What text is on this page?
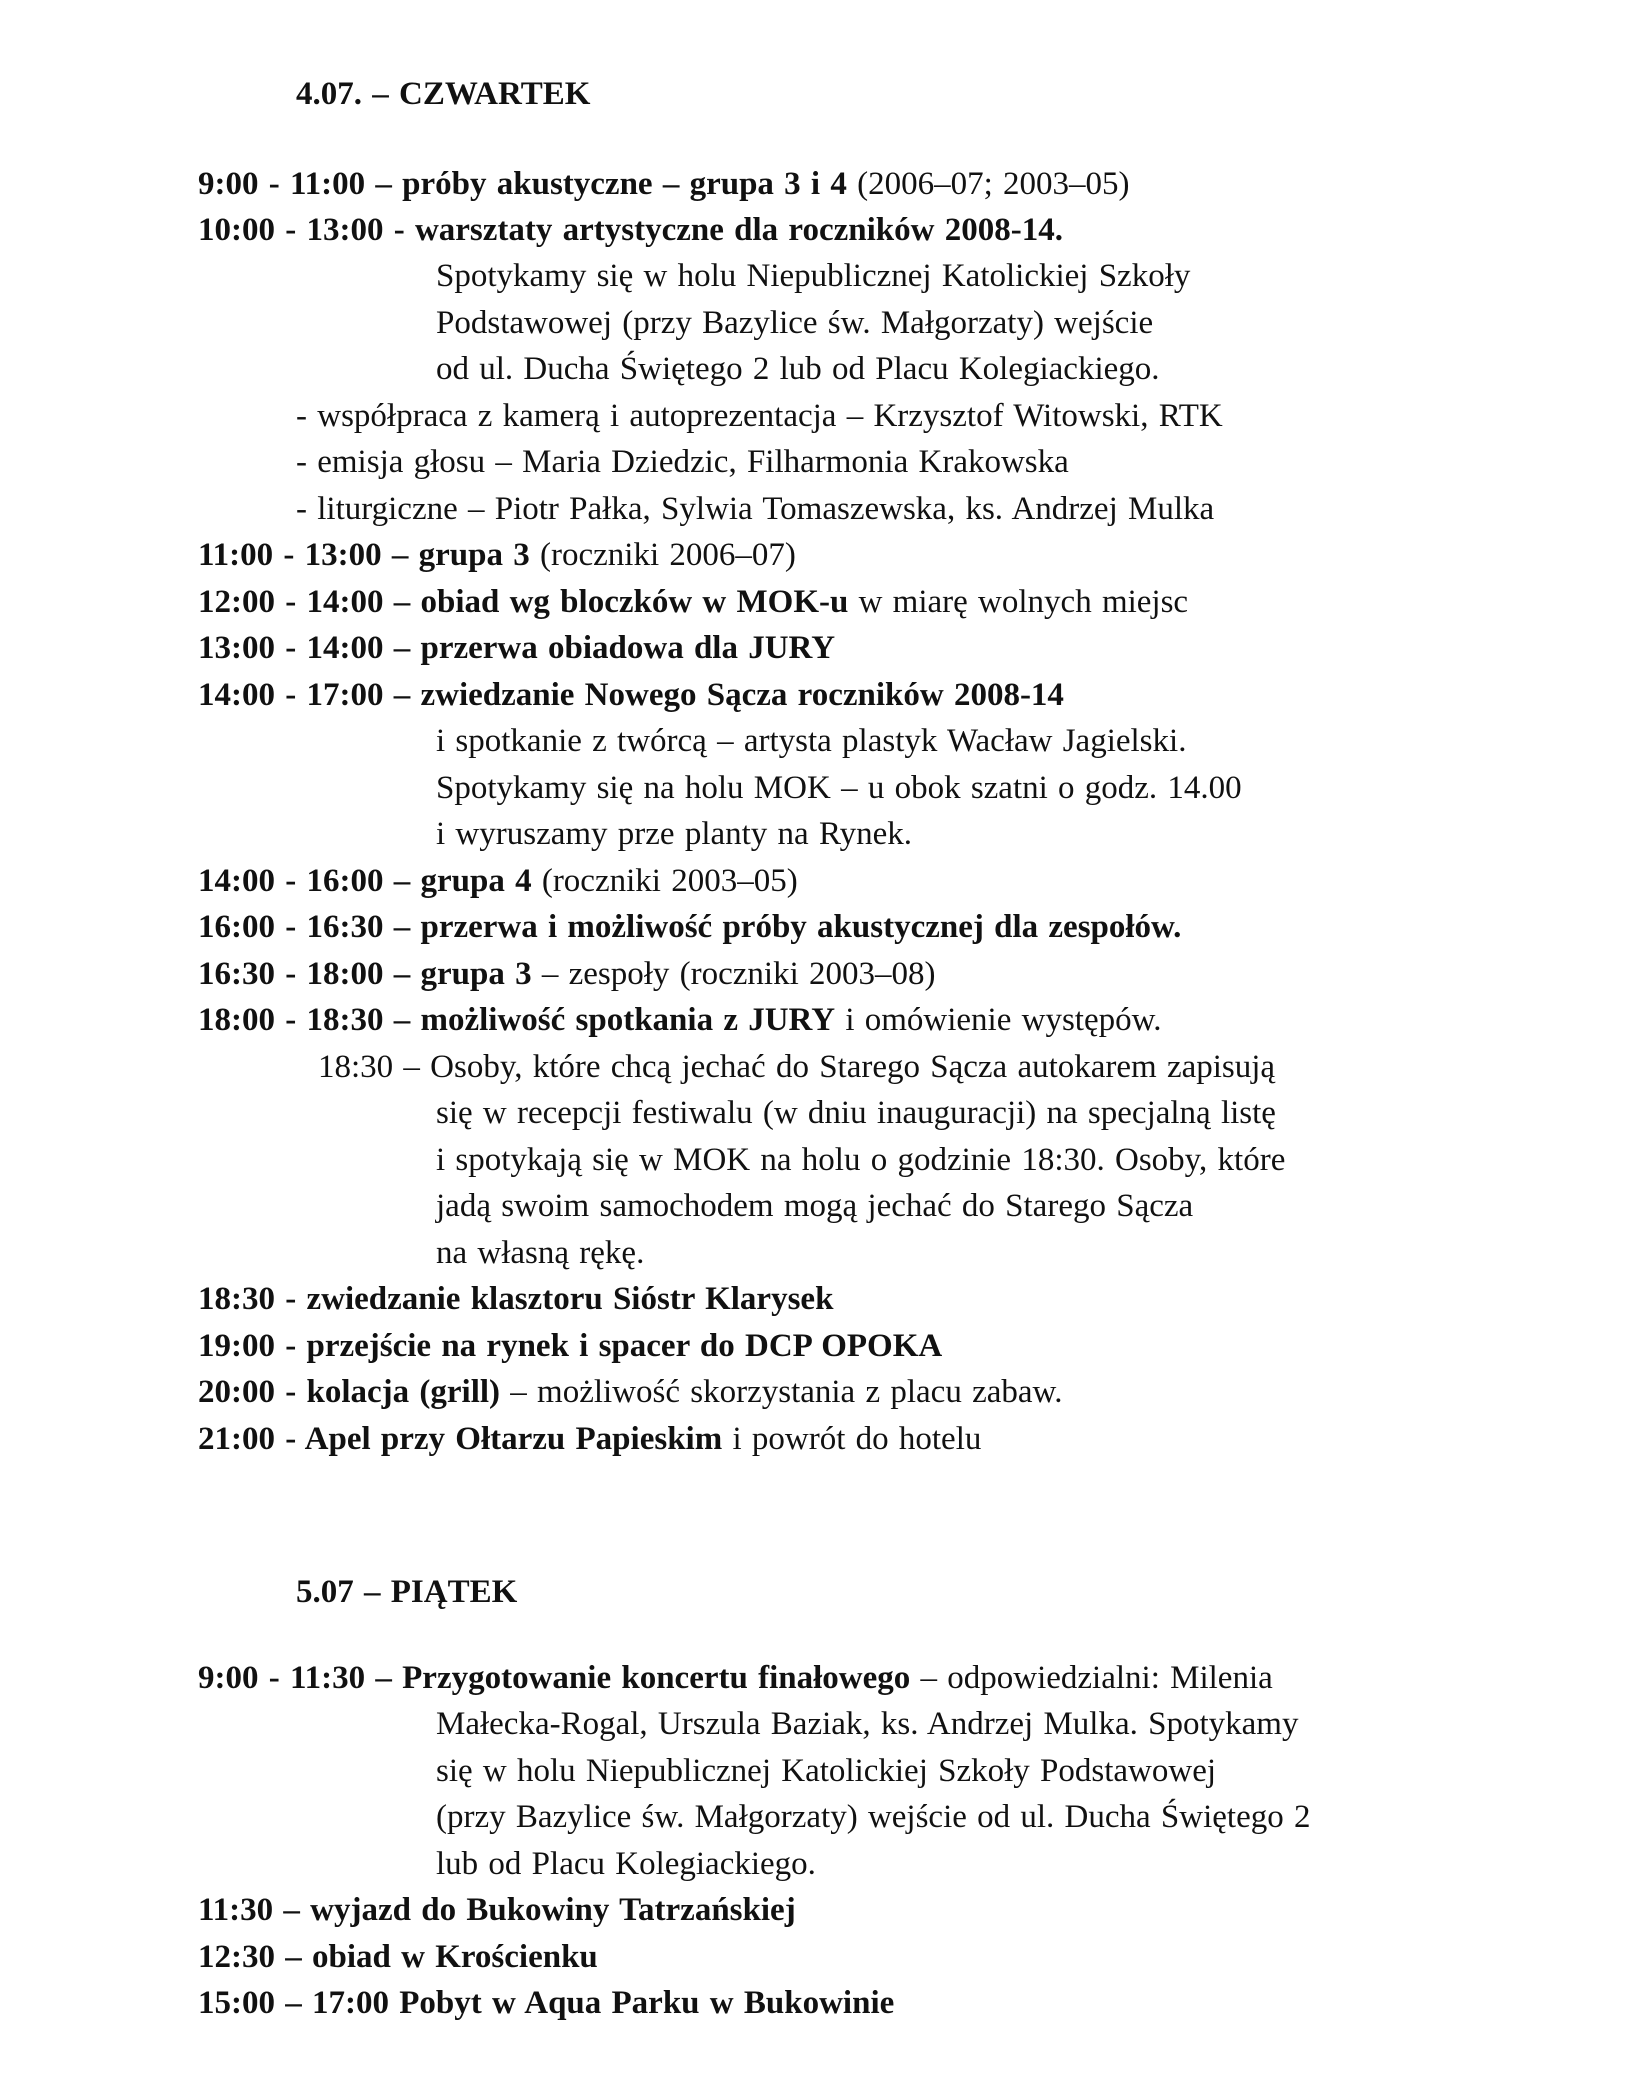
4.07. – CZWARTEK
9:00 - 11:00 – próby akustyczne – grupa 3 i 4 (2006–07; 2003–05)
10:00 - 13:00 - warsztaty artystyczne dla roczników 2008-14.
Spotykamy się w holu Niepublicznej Katolickiej Szkoły
Podstawowej (przy Bazylice św. Małgorzaty) wejście
od ul. Ducha Świętego 2 lub od Placu Kolegiackiego.
- współpraca z kamerą i autoprezentacja – Krzysztof Witowski, RTK
- emisja głosu – Maria Dziedzic, Filharmonia Krakowska
- liturgiczne – Piotr Pałka, Sylwia Tomaszewska, ks. Andrzej Mulka
11:00 - 13:00 – grupa 3 (roczniki 2006–07)
12:00 - 14:00 – obiad wg bloczków w MOK-u w miarę wolnych miejsc
13:00 - 14:00 – przerwa obiadowa dla JURY
14:00 - 17:00 – zwiedzanie Nowego Sącza roczników 2008-14
i spotkanie z twórcą – artysta plastyk Wacław Jagielski.
Spotykamy się na holu MOK – u obok szatni o godz. 14.00
i wyruszamy prze planty na Rynek.
14:00 - 16:00 – grupa 4 (roczniki 2003–05)
16:00 - 16:30 – przerwa i możliwość próby akustycznej dla zespołów.
16:30 - 18:00 – grupa 3 – zespoły (roczniki 2003–08)
18:00 - 18:30 – możliwość spotkania z JURY i omówienie występów.
18:30 – Osoby, które chcą jechać do Starego Sącza autokarem zapisują
się w recepcji festiwalu (w dniu inauguracji) na specjalną listę
i spotykają się w MOK na holu o godzinie 18:30. Osoby, które
jadą swoim samochodem mogą jechać do Starego Sącza
na własną rękę.
18:30 - zwiedzanie klasztoru Sióstr Klarysek
19:00 - przejście na rynek i spacer do DCP OPOKA
20:00 - kolacja (grill) – możliwość skorzystania z placu zabaw.
21:00 - Apel przy Ołtarzu Papieskim i powrót do hotelu
5.07 – PIĄTEK
9:00 - 11:30 – Przygotowanie koncertu finałowego – odpowiedzialni: Milenia
Małecka-Rogal, Urszula Baziak, ks. Andrzej Mulka. Spotykamy
się w holu Niepublicznej Katolickiej Szkoły Podstawowej
(przy Bazylice św. Małgorzaty) wejście od ul. Ducha Świętego 2
lub od Placu Kolegiackiego.
11:30 – wyjazd do Bukowiny Tatrzańskiej
12:30 – obiad w Krościenku
15:00 – 17:00 Pobyt w Aqua Parku w Bukowinie
